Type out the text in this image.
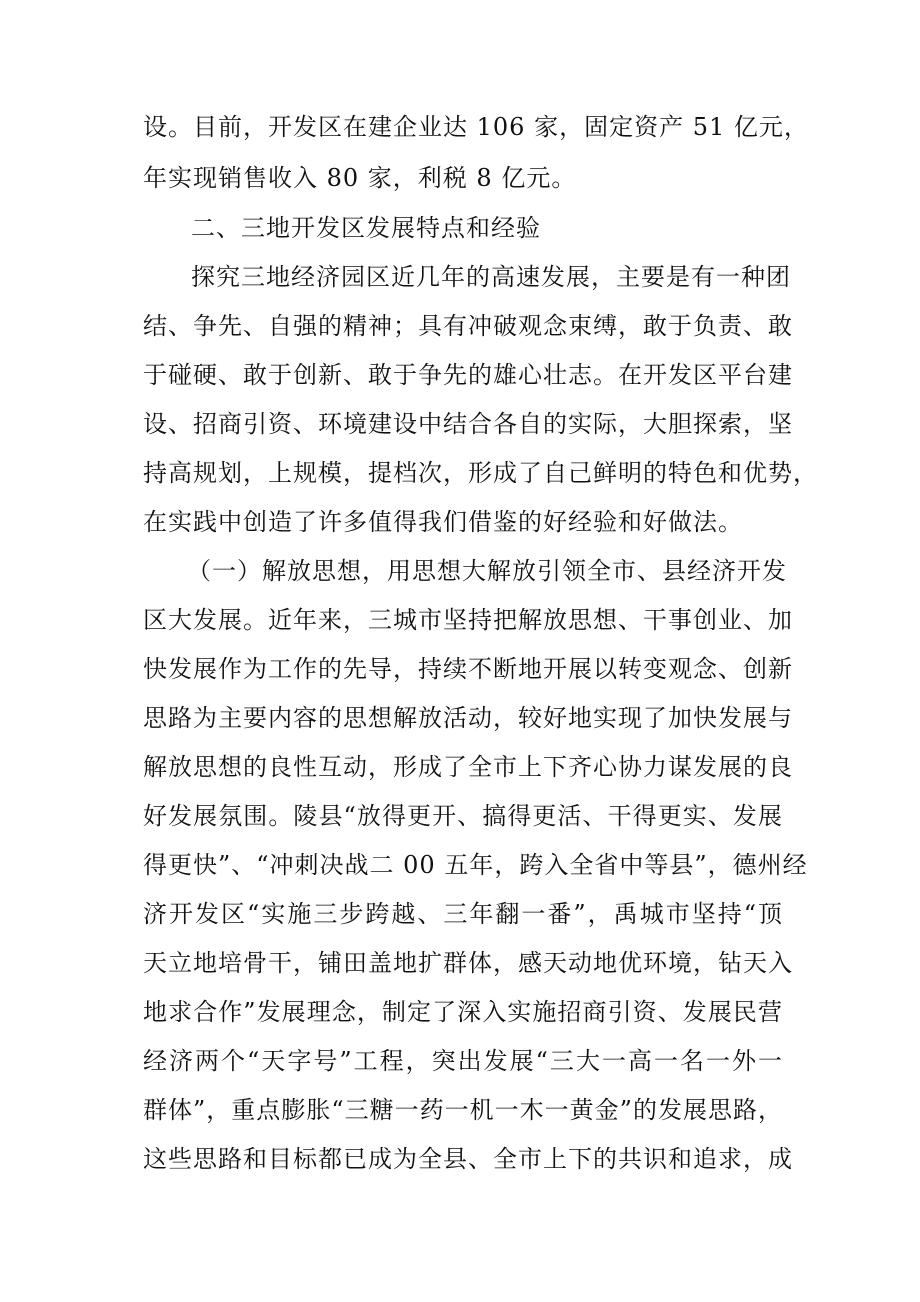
设。目前，开发区在建企业达 106 家，固定资产 51 亿元，
年实现销售收入 80 家，利税 8 亿元。
二、三地开发区发展特点和经验
探究三地经济园区近几年的高速发展，主要是有一种团
结、争先、自强的精神；具有冲破观念束缚，敢于负责、敢
于碰硬、敢于创新、敢于争先的雄心壮志。在开发区平台建
设、招商引资、环境建设中结合各自的实际，大胆探索，坚
持高规划，上规模，提档次，形成了自己鲜明的特色和优势，
在实践中创造了许多值得我们借鉴的好经验和好做法。
（一）解放思想，用思想大解放引领全市、县经济开发
区大发展。近年来，三城市坚持把解放思想、干事创业、加
快发展作为工作的先导，持续不断地开展以转变观念、创新
思路为主要内容的思想解放活动，较好地实现了加快发展与
解放思想的良性互动，形成了全市上下齐心协力谋发展的良
好发展氛围。陵县“放得更开、搞得更活、干得更实、发展
得更快”、“冲刺决战二 00 五年，跨入全省中等县”，德州经
济开发区“实施三步跨越、三年翻一番”，禹城市坚持“顶
天立地培骨干，铺田盖地扩群体，感天动地优环境，钻天入
地求合作”发展理念，制定了深入实施招商引资、发展民营
经济两个“天字号”工程，突出发展“三大一高一名一外一
群体”，重点膨胀“三糖一药一机一木一黄金”的发展思路，
这些思路和目标都已成为全县、全市上下的共识和追求，成
